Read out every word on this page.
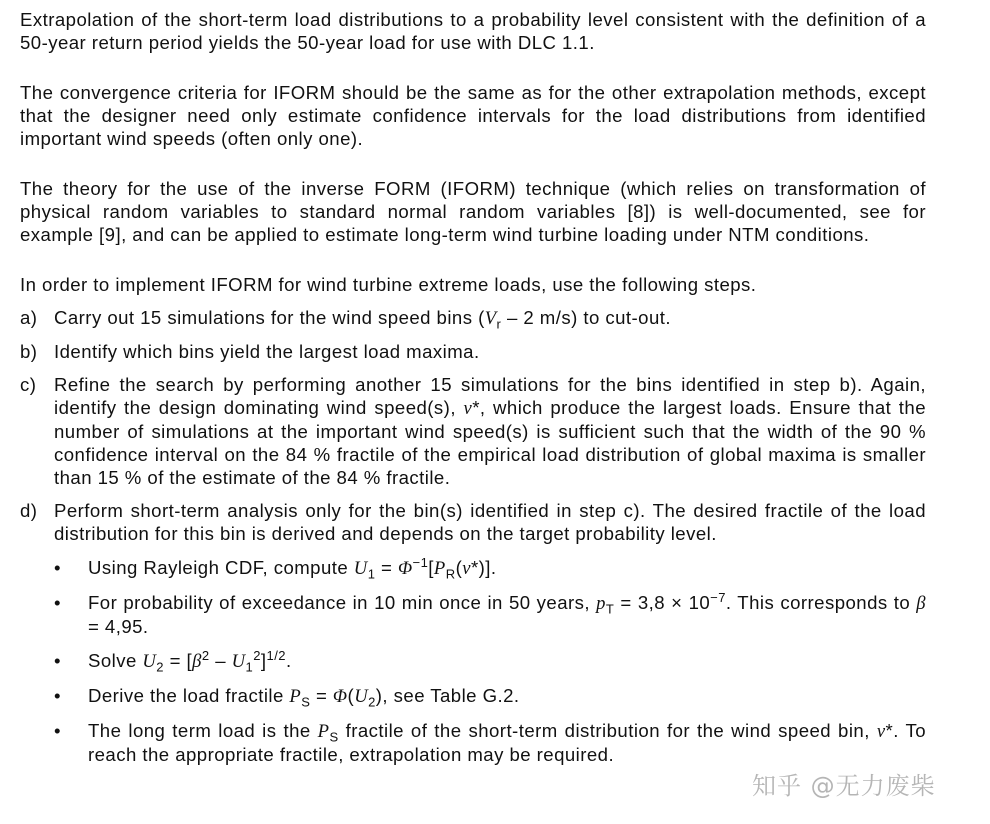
Extrapolation of the short-term load distributions to a probability level consistent with the definition of a 50-year return period yields the 50-year load for use with DLC 1.1.

The convergence criteria for IFORM should be the same as for the other extrapolation methods, except that the designer need only estimate confidence intervals for the load distributions from identified important wind speeds (often only one).

The theory for the use of the inverse FORM (IFORM) technique (which relies on transformation of physical random variables to standard normal random variables [8]) is well-documented, see for example [9], and can be applied to estimate long-term wind turbine loading under NTM conditions.

In order to implement IFORM for wind turbine extreme loads, use the following steps.

a) Carry out 15 simulations for the wind speed bins ($V_r - 2$ m/s) to cut-out.
b) Identify which bins yield the largest load maxima.
c) Refine the search by performing another 15 simulations for the bins identified in step b). Again, identify the design dominating wind speed(s), v*, which produce the largest loads. Ensure that the number of simulations at the important wind speed(s) is sufficient such that the width of the 90 % confidence interval on the 84 % fractile of the empirical load distribution of global maxima is smaller than 15 % of the estimate of the 84 % fractile.
d) Perform short-term analysis only for the bin(s) identified in step c). The desired fractile of the load distribution for this bin is derived and depends on the target probability level.
• Using Rayleigh CDF, compute $U_1 = \Phi^{-1}[P_R(v*)]$.
• For probability of exceedance in 10 min once in 50 years, $p_T = 3,8 \times 10^{-7}$. This corresponds to β = 4,95.
• Solve $U_2 = [\beta^2 - U_1^2]^{1/2}$.
• Derive the load fractile $P_S = \Phi(U_2)$, see Table G.2.
• The long term load is the $P_S$ fractile of the short-term distribution for the wind speed bin, v*. To reach the appropriate fractile, extrapolation may be required.
知乎 @无力废柴
